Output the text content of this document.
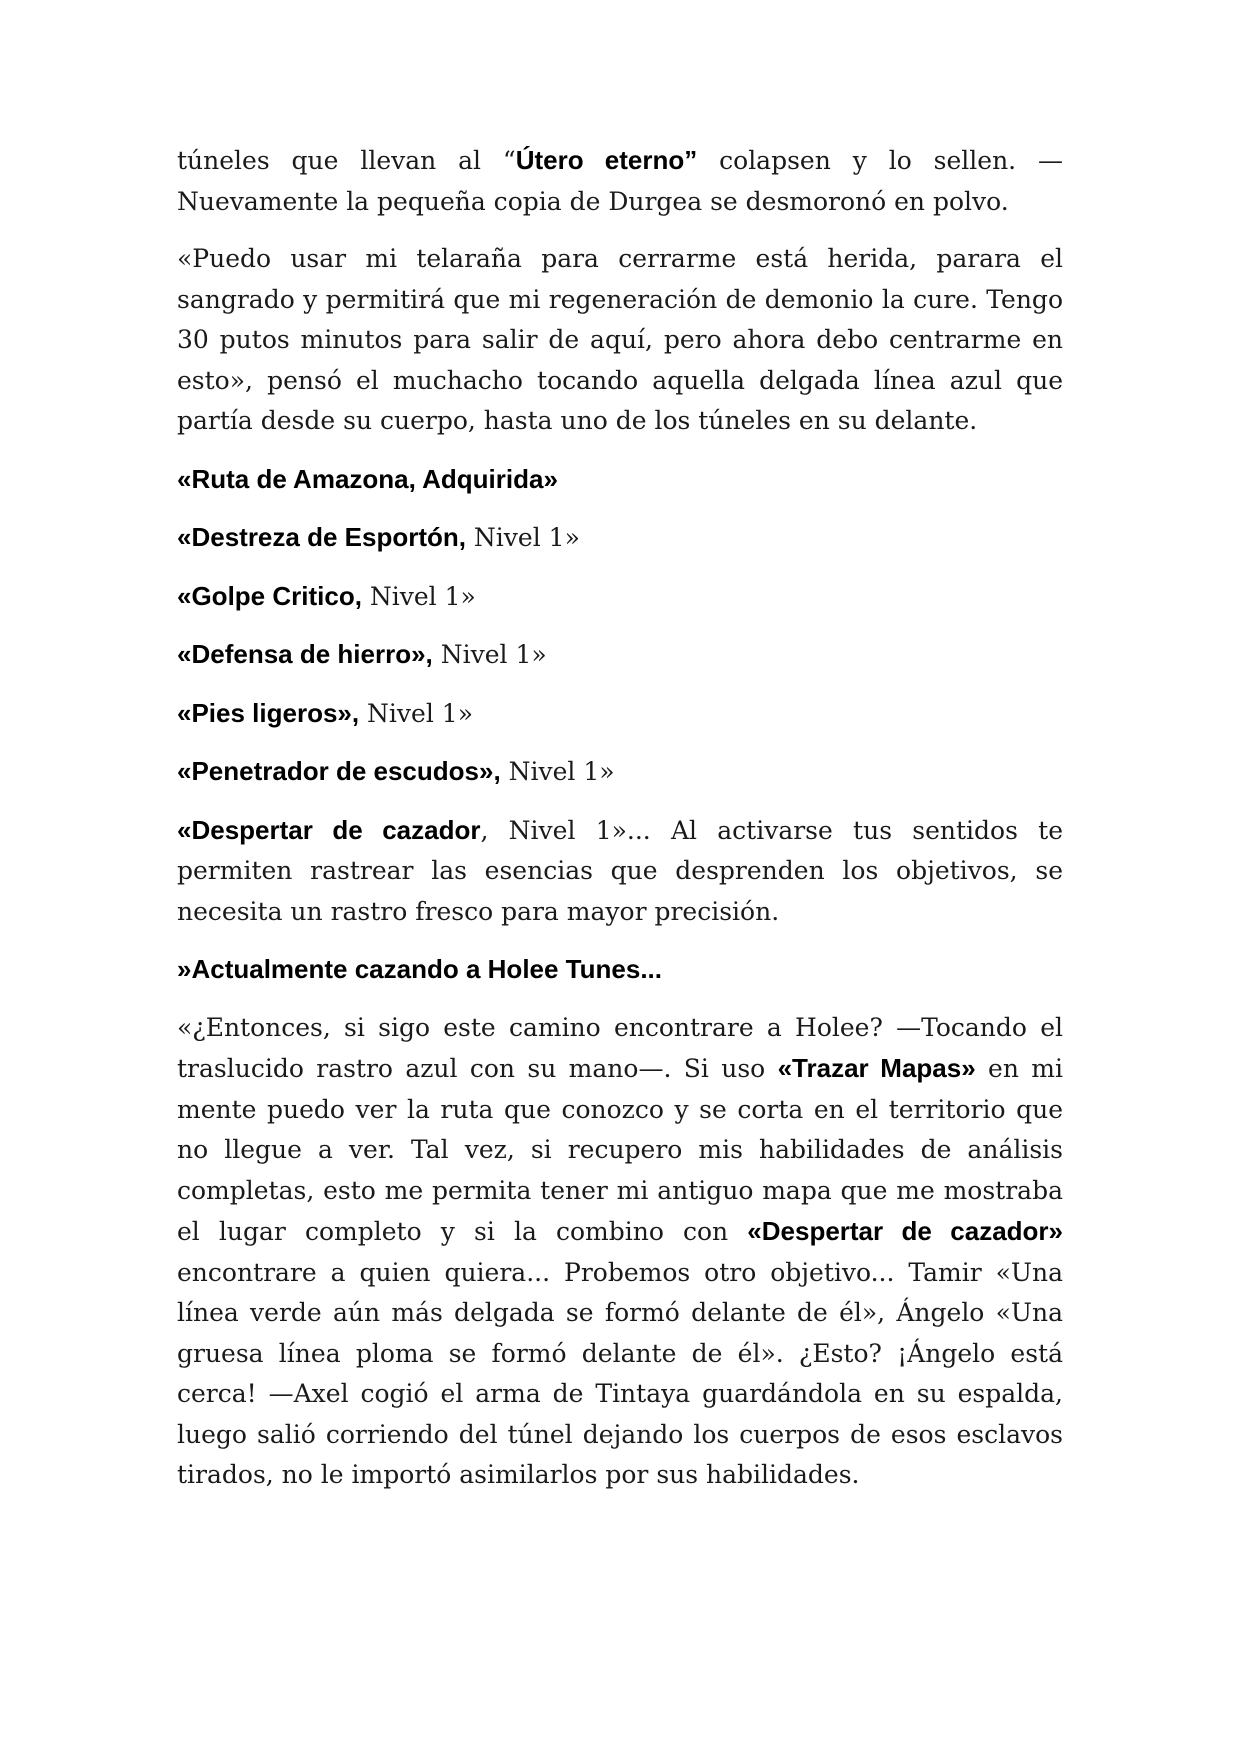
túneles que llevan al “Útero eterno” colapsen y lo sellen. —Nuevamente la pequeña copia de Durgea se desmoronó en polvo.

«Puedo usar mi telaraña para cerrarme está herida, parara el sangrado y permitirá que mi regeneración de demonio la cure. Tengo 30 putos minutos para salir de aquí, pero ahora debo centrarme en esto», pensó el muchacho tocando aquella delgada línea azul que partía desde su cuerpo, hasta uno de los túneles en su delante.

«Ruta de Amazona, Adquirida»

«Destreza de Esportón, Nivel 1»

«Golpe Critico, Nivel 1»

«Defensa de hierro», Nivel 1»

«Pies ligeros», Nivel 1»

«Penetrador de escudos», Nivel 1»

«Despertar de cazador, Nivel 1»... Al activarse tus sentidos te permiten rastrear las esencias que desprenden los objetivos, se necesita un rastro fresco para mayor precisión.

»Actualmente cazando a Holee Tunes...

«¿Entonces, si sigo este camino encontrare a Holee? —Tocando el traslucido rastro azul con su mano—. Si uso «Trazar Mapas» en mi mente puedo ver la ruta que conozco y se corta en el territorio que no llegue a ver. Tal vez, si recupero mis habilidades de análisis completas, esto me permita tener mi antiguo mapa que me mostraba el lugar completo y si la combino con «Despertar de cazador» encontrare a quien quiera... Probemos otro objetivo... Tamir «Una línea verde aún más delgada se formó delante de él», Ángelo «Una gruesa línea ploma se formó delante de él». ¿Esto? ¡Ángelo está cerca! —Axel cogió el arma de Tintaya guardándola en su espalda, luego salió corriendo del túnel dejando los cuerpos de esos esclavos tirados, no le importó asimilarlos por sus habilidades.
